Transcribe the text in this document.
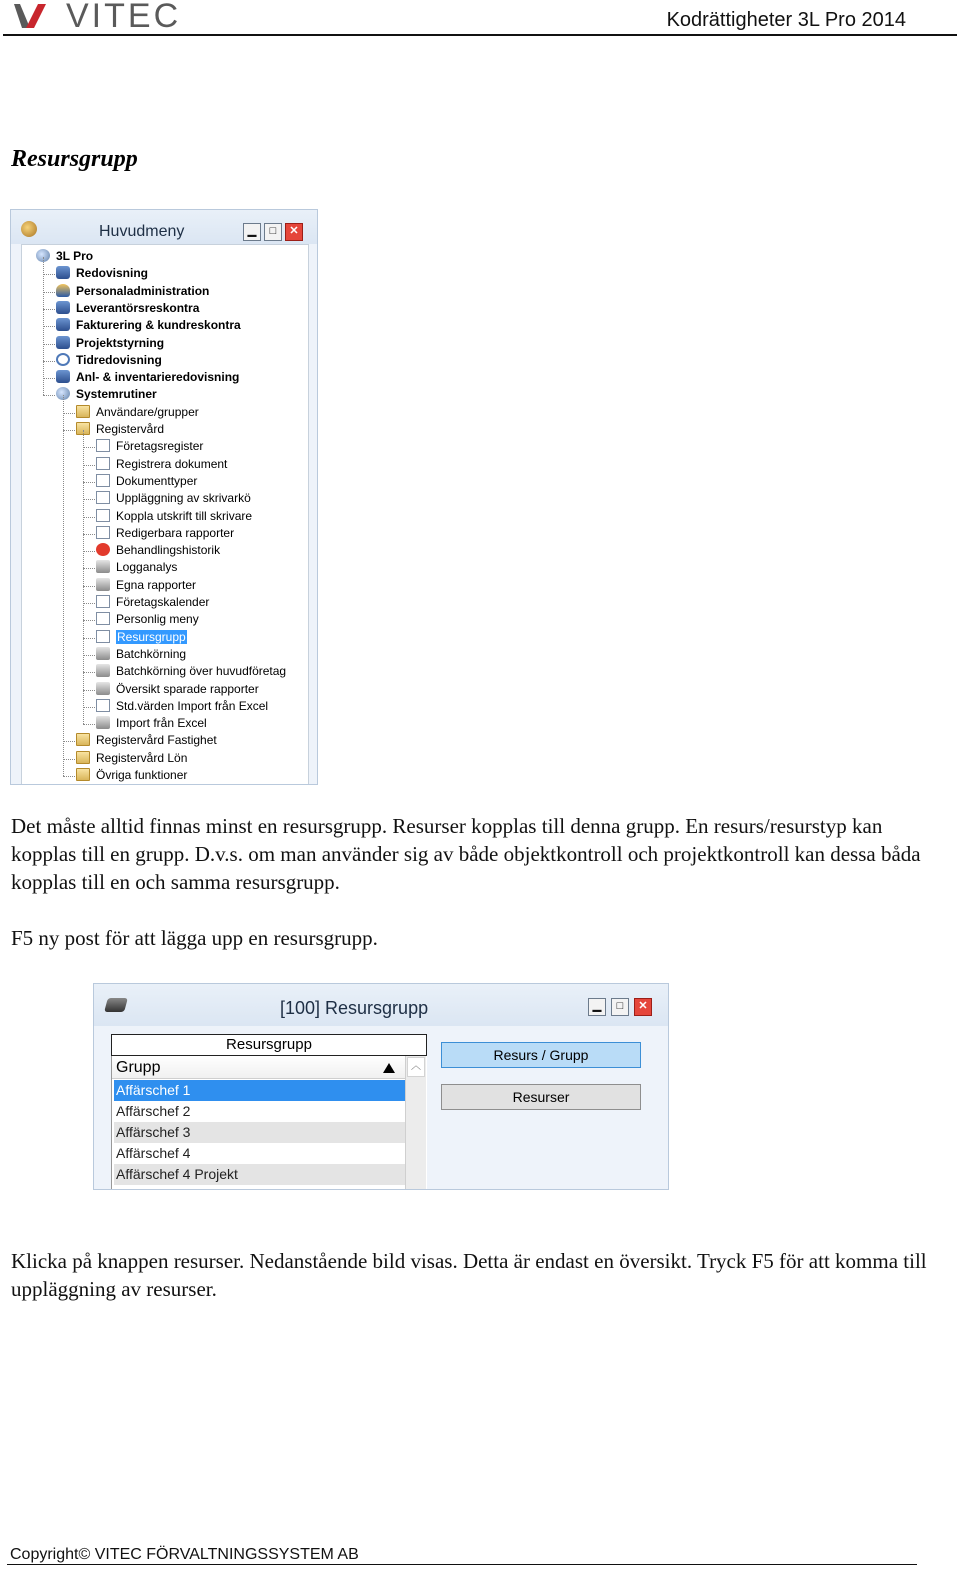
VITEC	Kodrättigheter 3L Pro 2014
Resursgrupp
Huvudmeny	▁	□	✕
3L Pro
Redovisning
Personaladministration
Leverantörsreskontra
Fakturering & kundreskontra
Projektstyrning
Tidredovisning
Anl- & inventarieredovisning
Systemrutiner
Användare/grupper
Registervård
Företagsregister
Registrera dokument
Dokumenttyper
Uppläggning av skrivarkö
Koppla utskrift till skrivare
Redigerbara rapporter
Behandlingshistorik
Logganalys
Egna rapporter
Företagskalender
Personlig meny
Resursgrupp
Batchkörning
Batchkörning över huvudföretag
Översikt sparade rapporter
Std.värden Import från Excel
Import från Excel
Registervård Fastighet
Registervård Lön
Övriga funktioner
Det måste alltid finnas minst en resursgrupp. Resurser kopplas till denna grupp. En resurs/resurstyp kan kopplas till en grupp. D.v.s. om man använder sig av både objektkontroll och projektkontroll kan dessa båda kopplas till en och samma resursgrupp.
F5 ny post för att lägga upp en resursgrupp.
[100] Resursgrupp	▁	□	✕
Resursgrupp
Grupp
Affärschef 1
Affärschef 2
Affärschef 3
Affärschef 4
Affärschef 4 Projekt
︿
Resurs / Grupp
Resurser
Klicka på knappen resurser. Nedanstående bild visas. Detta är endast en översikt. Tryck F5 för att komma till uppläggning av resurser.
Copyright© VITEC FÖRVALTNINGSSYSTEM AB
